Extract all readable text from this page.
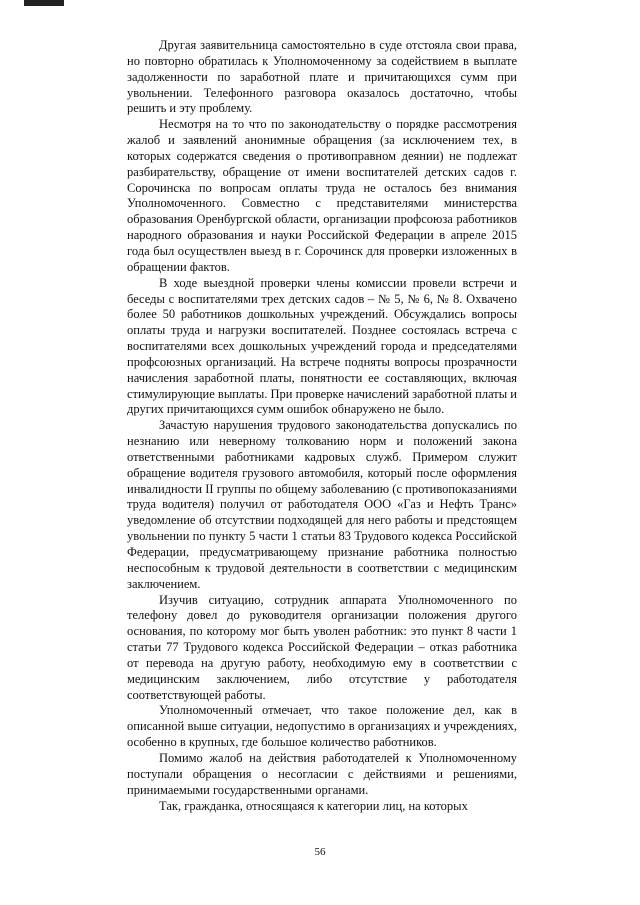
Другая заявительница самостоятельно в суде отстояла свои права, но повторно обратилась к Уполномоченному за содействием в выплате задолженности по заработной плате и причитающихся сумм при увольнении. Телефонного разговора оказалось достаточно, чтобы решить и эту проблему.

Несмотря на то что по законодательству о порядке рассмотрения жалоб и заявлений анонимные обращения (за исключением тех, в которых содержатся сведения о противоправном деянии) не подлежат разбирательству, обращение от имени воспитателей детских садов г. Сорочинска по вопросам оплаты труда не осталось без внимания Уполномоченного. Совместно с представителями министерства образования Оренбургской области, организации профсоюза работников народного образования и науки Российской Федерации в апреле 2015 года был осуществлен выезд в г. Сорочинск для проверки изложенных в обращении фактов.

В ходе выездной проверки члены комиссии провели встречи и беседы с воспитателями трех детских садов – № 5, № 6, № 8. Охвачено более 50 работников дошкольных учреждений. Обсуждались вопросы оплаты труда и нагрузки воспитателей. Позднее состоялась встреча с воспитателями всех дошкольных учреждений города и председателями профсоюзных организаций. На встрече подняты вопросы прозрачности начисления заработной платы, понятности ее составляющих, включая стимулирующие выплаты. При проверке начислений заработной платы и других причитающихся сумм ошибок обнаружено не было.

Зачастую нарушения трудового законодательства допускались по незнанию или неверному толкованию норм и положений закона ответственными работниками кадровых служб. Примером служит обращение водителя грузового автомобиля, который после оформления инвалидности II группы по общему заболеванию (с противопоказаниями труда водителя) получил от работодателя ООО «Газ и Нефть Транс» уведомление об отсутствии подходящей для него работы и предстоящем увольнении по пункту 5 части 1 статьи 83 Трудового кодекса Российской Федерации, предусматривающему признание работника полностью неспособным к трудовой деятельности в соответствии с медицинским заключением.

Изучив ситуацию, сотрудник аппарата Уполномоченного по телефону довел до руководителя организации положения другого основания, по которому мог быть уволен работник: это пункт 8 части 1 статьи 77 Трудового кодекса Российской Федерации – отказ работника от перевода на другую работу, необходимую ему в соответствии с медицинским заключением, либо отсутствие у работодателя соответствующей работы.

Уполномоченный отмечает, что такое положение дел, как в описанной выше ситуации, недопустимо в организациях и учреждениях, особенно в крупных, где большое количество работников.

Помимо жалоб на действия работодателей к Уполномоченному поступали обращения о несогласии с действиями и решениями, принимаемыми государственными органами.

Так, гражданка, относящаяся к категории лиц, на которых

56
